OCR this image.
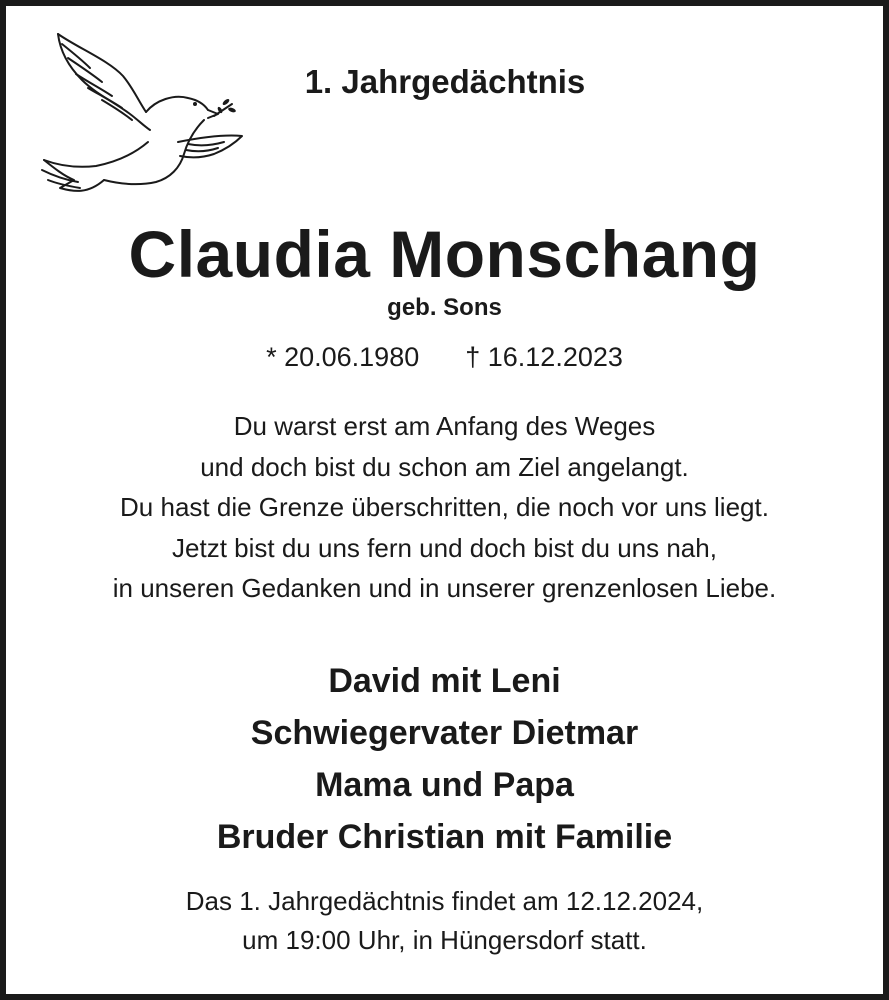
1. Jahrgedächtnis
Claudia Monschang
geb. Sons
* 20.06.1980 † 16.12.2023
Du warst erst am Anfang des Weges
und doch bist du schon am Ziel angelangt.
Du hast die Grenze überschritten, die noch vor uns liegt.
Jetzt bist du uns fern und doch bist du uns nah,
in unseren Gedanken und in unserer grenzenlosen Liebe.
David mit Leni
Schwiegervater Dietmar
Mama und Papa
Bruder Christian mit Familie
Das 1. Jahrgedächtnis findet am 12.12.2024,
um 19:00 Uhr, in Hüngersdorf statt.
